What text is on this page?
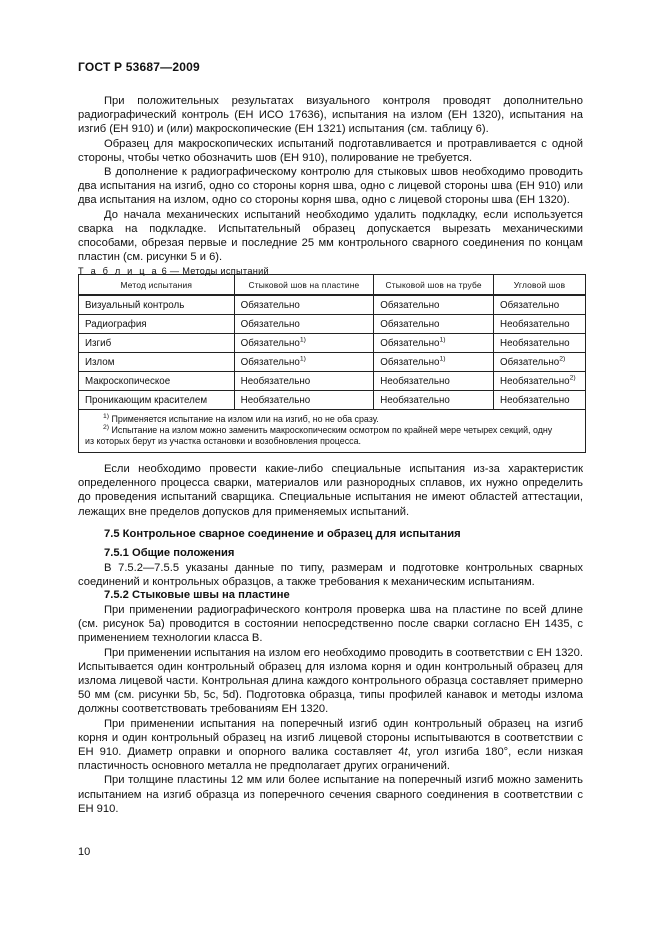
ГОСТ Р 53687—2009

При положительных результатах визуального контроля проводят дополнительно радиографический контроль (ЕН ИСО 17636), испытания на излом (ЕН 1320), испытания на изгиб (ЕН 910) и (или) макроскопические (ЕН 1321) испытания (см. таблицу 6).

Образец для макроскопических испытаний подготавливается и протравливается с одной стороны, чтобы четко обозначить шов (ЕН 910), полирование не требуется.

В дополнение к радиографическому контролю для стыковых швов необходимо проводить два испытания на изгиб, одно со стороны корня шва, одно с лицевой стороны шва (ЕН 910) или два испытания на излом, одно со стороны корня шва, одно с лицевой стороны шва (ЕН 1320).

До начала механических испытаний необходимо удалить подкладку, если используется сварка на подкладке. Испытательный образец допускается вырезать механическими способами, обрезая первые и последние 25 мм контрольного сварного соединения по концам пластин (см. рисунки 5 и 6).

Т а б л и ц а 6 — Методы испытаний
Метод испытания	Стыковой шов на пластине	Стыковой шов на трубе	Угловой шов
Визуальный контроль	Обязательно	Обязательно	Обязательно
Радиография	Обязательно	Обязательно	Необязательно
Изгиб	Обязательно$^{1)}$	Обязательно$^{1)}$	Необязательно
Излом	Обязательно$^{1)}$	Обязательно$^{1)}$	Обязательно$^{2)}$
Макроскопическое	Необязательно	Необязательно	Необязательно$^{2)}$
Проникающим красителем	Необязательно	Необязательно	Необязательно

$^{1)}$ Применяется испытание на излом или на изгиб, но не оба сразу.
$^{2)}$ Испытание на излом можно заменить макроскопическим осмотром по крайней мере четырех секций, одну
из которых берут из участка остановки и возобновления процесса.			

Если необходимо провести какие-либо специальные испытания из-за характеристик определенного процесса сварки, материалов или разнородных сплавов, их нужно определить до проведения испытаний сварщика. Специальные испытания не имеют областей аттестации, лежащих вне пределов допусков для применяемых испытаний.

7.5 Контрольное сварное соединение и образец для испытания
7.5.1 Общие положения

В 7.5.2—7.5.5 указаны данные по типу, размерам и подготовке контрольных сварных соединений и контрольных образцов, а также требования к механическим испытаниям.

7.5.2 Стыковые швы на пластине

При применении радиографического контроля проверка шва на пластине по всей длине (см. рисунок 5а) проводится в состоянии непосредственно после сварки согласно ЕН 1435, с применением технологии класса В.

При применении испытания на излом его необходимо проводить в соответствии с ЕН 1320. Испытывается один контрольный образец для излома корня и один контрольный образец для излома лицевой части. Контрольная длина каждого контрольного образца составляет примерно 50 мм (см. рисунки 5b, 5с, 5d). Подготовка образца, типы профилей канавок и методы излома должны соответствовать требованиям ЕН 1320.

При применении испытания на поперечный изгиб один контрольный образец на изгиб корня и один контрольный образец на изгиб лицевой стороны испытываются в соответствии с ЕН 910. Диаметр оправки и опорного валика составляет 4t, угол изгиба 180°, если низкая пластичность основного металла не предполагает других ограничений.

При толщине пластины 12 мм или более испытание на поперечный изгиб можно заменить испытанием на изгиб образца из поперечного сечения сварного соединения в соответствии с ЕН 910.

10
